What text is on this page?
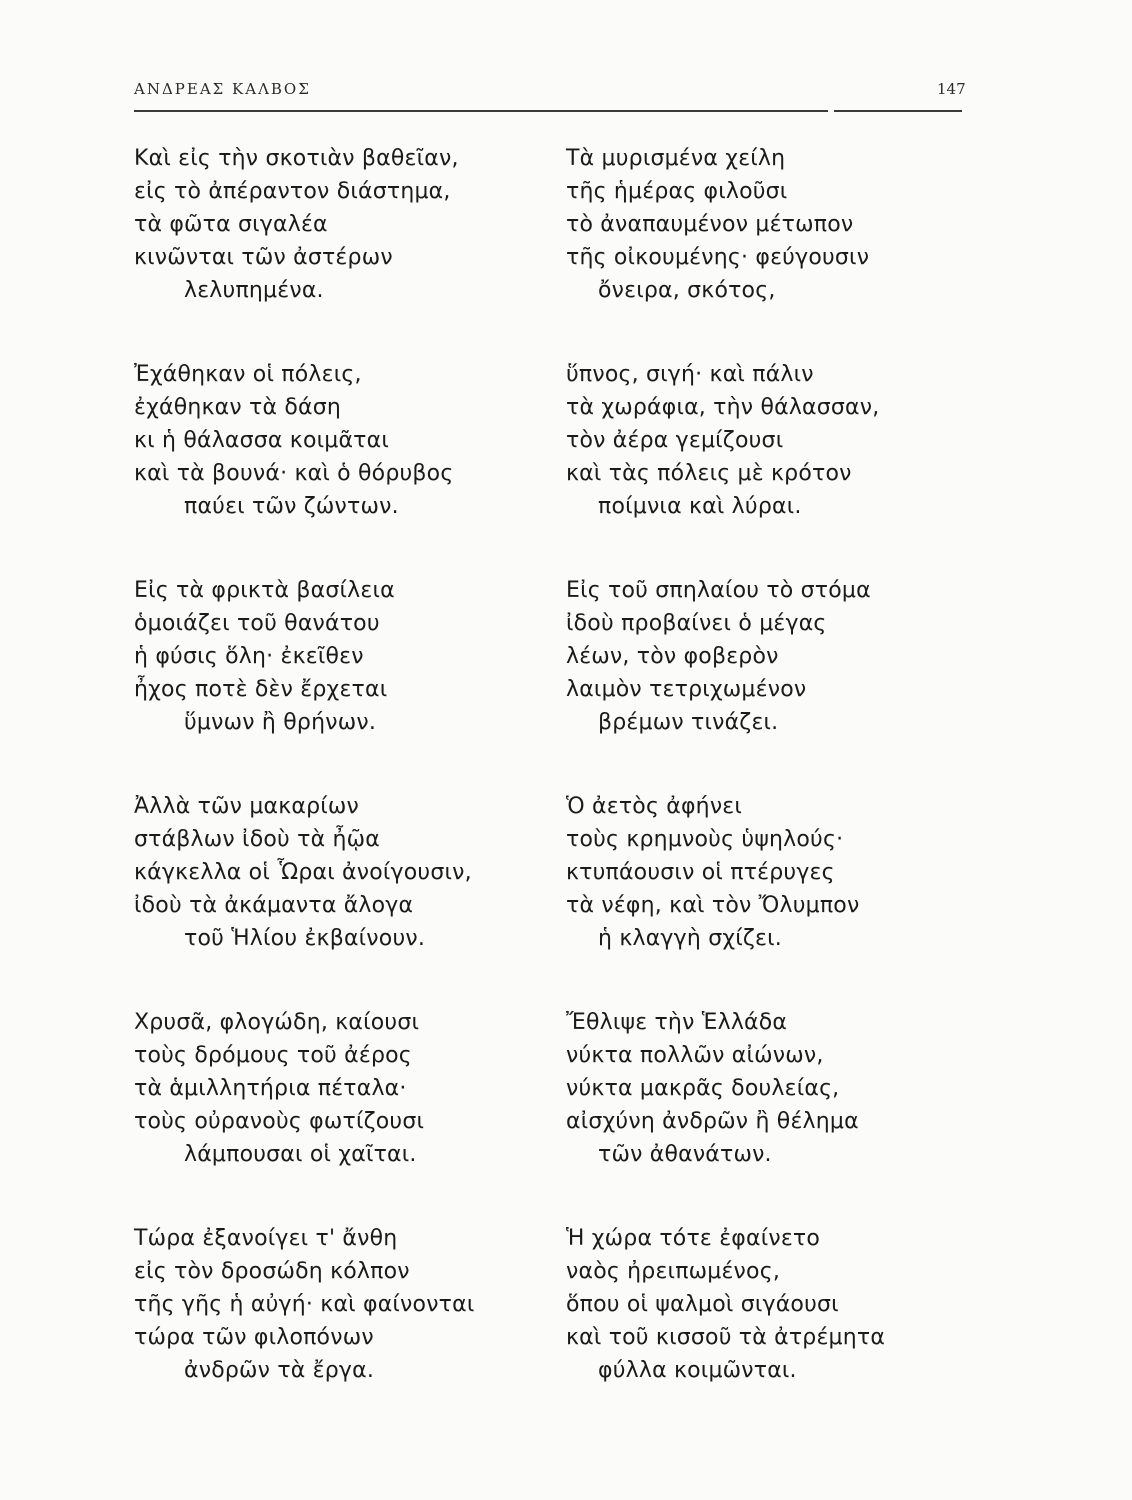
ΑΝΔΡΕΑΣ ΚΑΛΒΟΣ	147
Καὶ εἰς τὴν σκοτιὰν βαθεῖαν,
εἰς τὸ ἀπέραντον διάστημα,
τὰ φῶτα σιγαλέα
κινῶνται τῶν ἀστέρων
λελυπημένα.
Ἐχάθηκαν οἱ πόλεις,
ἐχάθηκαν τὰ δάση
κι ἡ θάλασσα κοιμᾶται
καὶ τὰ βουνά· καὶ ὁ θόρυβος
παύει τῶν ζώντων.
Εἰς τὰ φρικτὰ βασίλεια
ὁμοιάζει τοῦ θανάτου
ἡ φύσις ὅλη· ἐκεῖθεν
ἦχος ποτὲ δὲν ἔρχεται
ὕμνων ἢ θρήνων.
Ἀλλὰ τῶν μακαρίων
στάβλων ἰδοὺ τὰ ἦῷα
κάγκελλα οἱ Ὧραι ἀνοίγουσιν,
ἰδοὺ τὰ ἀκάμαντα ἄλογα
τοῦ Ἡλίου ἐκβαίνουν.
Χρυσᾶ, φλογώδη, καίουσι
τοὺς δρόμους τοῦ ἀέρος
τὰ ἁμιλλητήρια πέταλα·
τοὺς οὐρανοὺς φωτίζουσι
λάμπουσαι οἱ χαῖται.
Τώρα ἐξανοίγει τ' ἄνθη
εἰς τὸν δροσώδη κόλπον
τῆς γῆς ἡ αὐγή· καὶ φαίνονται
τώρα τῶν φιλοπόνων
ἀνδρῶν τὰ ἔργα.
Τὰ μυρισμένα χείλη
τῆς ἡμέρας φιλοῦσι
τὸ ἀναπαυμένον μέτωπον
τῆς οἰκουμένης· φεύγουσιν
ὄνειρα, σκότος,
ὕπνος, σιγή· καὶ πάλιν
τὰ χωράφια, τὴν θάλασσαν,
τὸν ἀέρα γεμίζουσι
καὶ τὰς πόλεις μὲ κρότον
ποίμνια καὶ λύραι.
Εἰς τοῦ σπηλαίου τὸ στόμα
ἰδοὺ προβαίνει ὁ μέγας
λέων, τὸν φοβερὸν
λαιμὸν τετριχωμένον
βρέμων τινάζει.
Ὁ ἀετὸς ἀφήνει
τοὺς κρημνοὺς ὑψηλούς·
κτυπάουσιν οἱ πτέρυγες
τὰ νέφη, καὶ τὸν Ὄλυμπον
ἡ κλαγγὴ σχίζει.
Ἔθλιψε τὴν Ἑλλάδα
νύκτα πολλῶν αἰώνων,
νύκτα μακρᾶς δουλείας,
αἰσχύνη ἀνδρῶν ἢ θέλημα
τῶν ἀθανάτων.
Ἡ χώρα τότε ἐφαίνετο
ναὸς ἠρειπωμένος,
ὅπου οἱ ψαλμοὶ σιγάουσι
καὶ τοῦ κισσοῦ τὰ ἀτρέμητα
φύλλα κοιμῶνται.
